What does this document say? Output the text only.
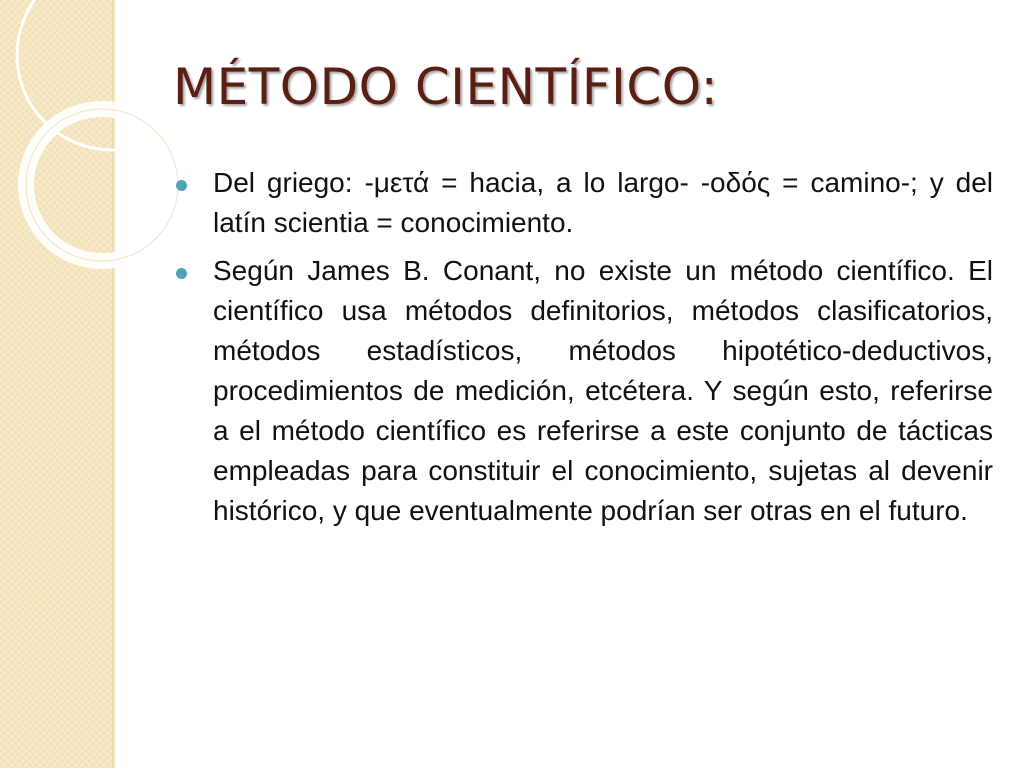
MÉTODO CIENTÍFICO:
Del griego: -μετά = hacia, a lo largo- -οδός = camino-; y del latín scientia = conocimiento.
Según James B. Conant, no existe un método científico. El científico usa métodos definitorios, métodos clasificatorios, métodos estadísticos, métodos hipotético-deductivos, procedimientos de medición, etcétera. Y según esto, referirse a el método científico es referirse a este conjunto de tácticas empleadas para constituir el conocimiento, sujetas al devenir histórico, y que eventualmente podrían ser otras en el futuro.
